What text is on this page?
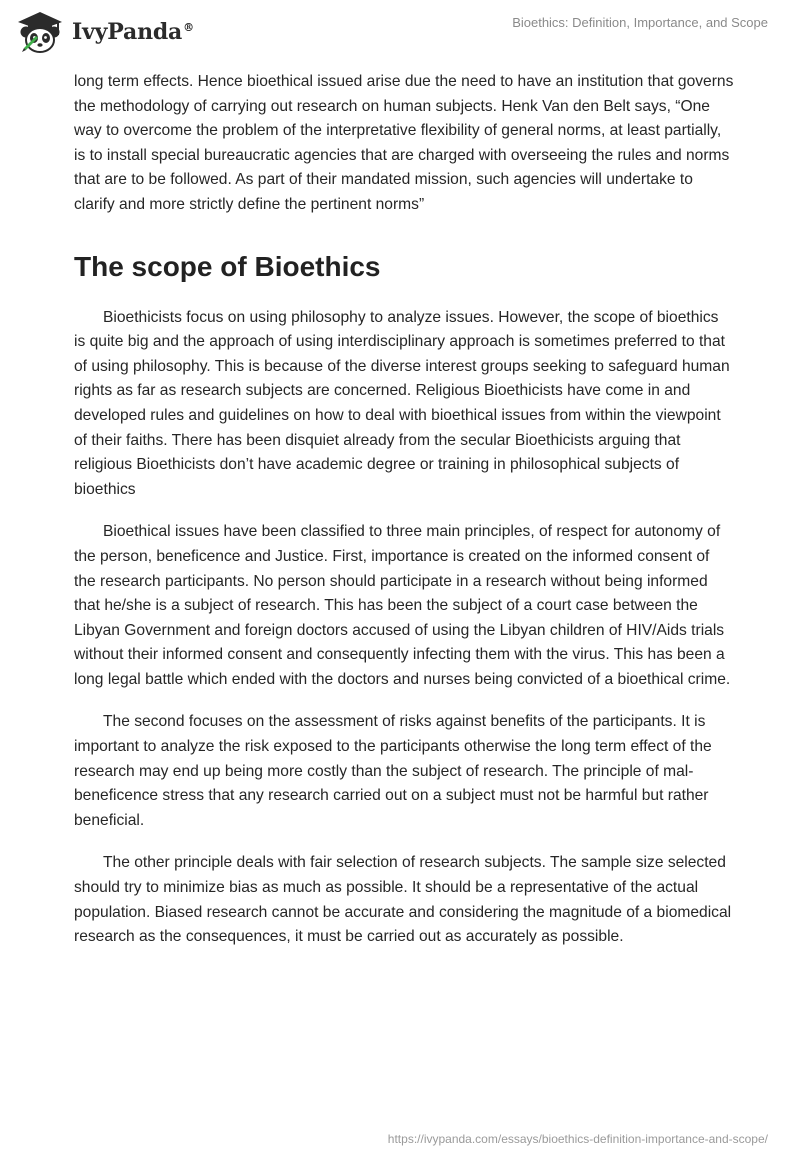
IvyPanda®	Bioethics: Definition, Importance, and Scope

long term effects. Hence bioethical issued arise due the need to have an institution that governs the methodology of carrying out research on human subjects. Henk Van den Belt says, “One way to overcome the problem of the interpretative flexibility of general norms, at least partially, is to install special bureaucratic agencies that are charged with overseeing the rules and norms that are to be followed. As part of their mandated mission, such agencies will undertake to clarify and more strictly define the pertinent norms”

The scope of Bioethics

Bioethicists focus on using philosophy to analyze issues. However, the scope of bioethics is quite big and the approach of using interdisciplinary approach is sometimes preferred to that of using philosophy. This is because of the diverse interest groups seeking to safeguard human rights as far as research subjects are concerned. Religious Bioethicists have come in and developed rules and guidelines on how to deal with bioethical issues from within the viewpoint of their faiths. There has been disquiet already from the secular Bioethicists arguing that religious Bioethicists don’t have academic degree or training in philosophical subjects of bioethics

Bioethical issues have been classified to three main principles, of respect for autonomy of the person, beneficence and Justice. First, importance is created on the informed consent of the research participants. No person should participate in a research without being informed that he/she is a subject of research. This has been the subject of a court case between the Libyan Government and foreign doctors accused of using the Libyan children of HIV/Aids trials without their informed consent and consequently infecting them with the virus. This has been a long legal battle which ended with the doctors and nurses being convicted of a bioethical crime.

The second focuses on the assessment of risks against benefits of the participants. It is important to analyze the risk exposed to the participants otherwise the long term effect of the research may end up being more costly than the subject of research. The principle of mal-beneficence stress that any research carried out on a subject must not be harmful but rather beneficial.

The other principle deals with fair selection of research subjects. The sample size selected should try to minimize bias as much as possible. It should be a representative of the actual population. Biased research cannot be accurate and considering the magnitude of a biomedical research as the consequences, it must be carried out as accurately as possible.

https://ivypanda.com/essays/bioethics-definition-importance-and-scope/
